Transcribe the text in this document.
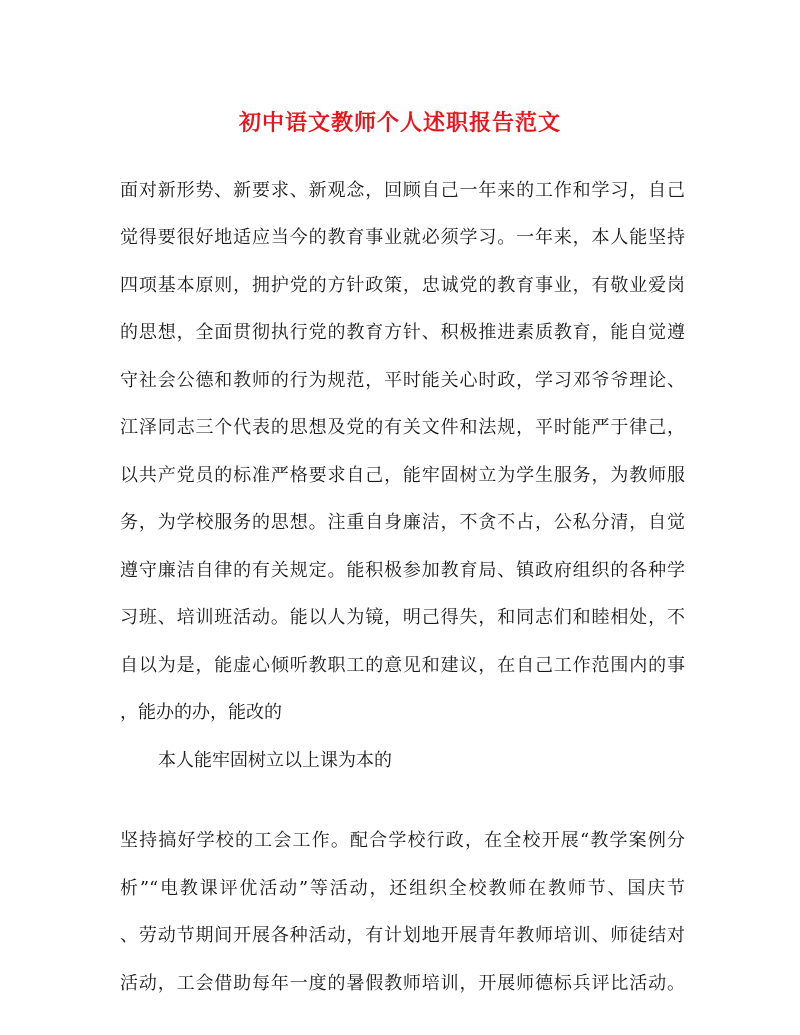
初中语文教师个人述职报告范文

面对新形势、新要求、新观念，回顾自己一年来的工作和学习，自己

觉得要很好地适应当今的教育事业就必须学习。一年来，本人能坚持

四项基本原则，拥护党的方针政策，忠诚党的教育事业，有敬业爱岗

的思想，全面贯彻执行党的教育方针、积极推进素质教育，能自觉遵

守社会公德和教师的行为规范，平时能关心时政，学习邓爷爷理论、

江泽同志三个代表的思想及党的有关文件和法规，平时能严于律己，

以共产党员的标准严格要求自己，能牢固树立为学生服务，为教师服

务，为学校服务的思想。注重自身廉洁，不贪不占，公私分清，自觉

遵守廉洁自律的有关规定。能积极参加教育局、镇政府组织的各种学

习班、培训班活动。能以人为镜，明己得失，和同志们和睦相处，不

自以为是，能虚心倾听教职工的意见和建议，在自己工作范围内的事

，能办的办，能改的

本人能牢固树立以上课为本的

坚持搞好学校的工会工作。配合学校行政，在全校开展“教学案例分

析”“电教课评优活动”等活动，还组织全校教师在教师节、国庆节

、劳动节期间开展各种活动，有计划地开展青年教师培训、师徒结对

活动，工会借助每年一度的暑假教师培训，开展师德标兵评比活动。
